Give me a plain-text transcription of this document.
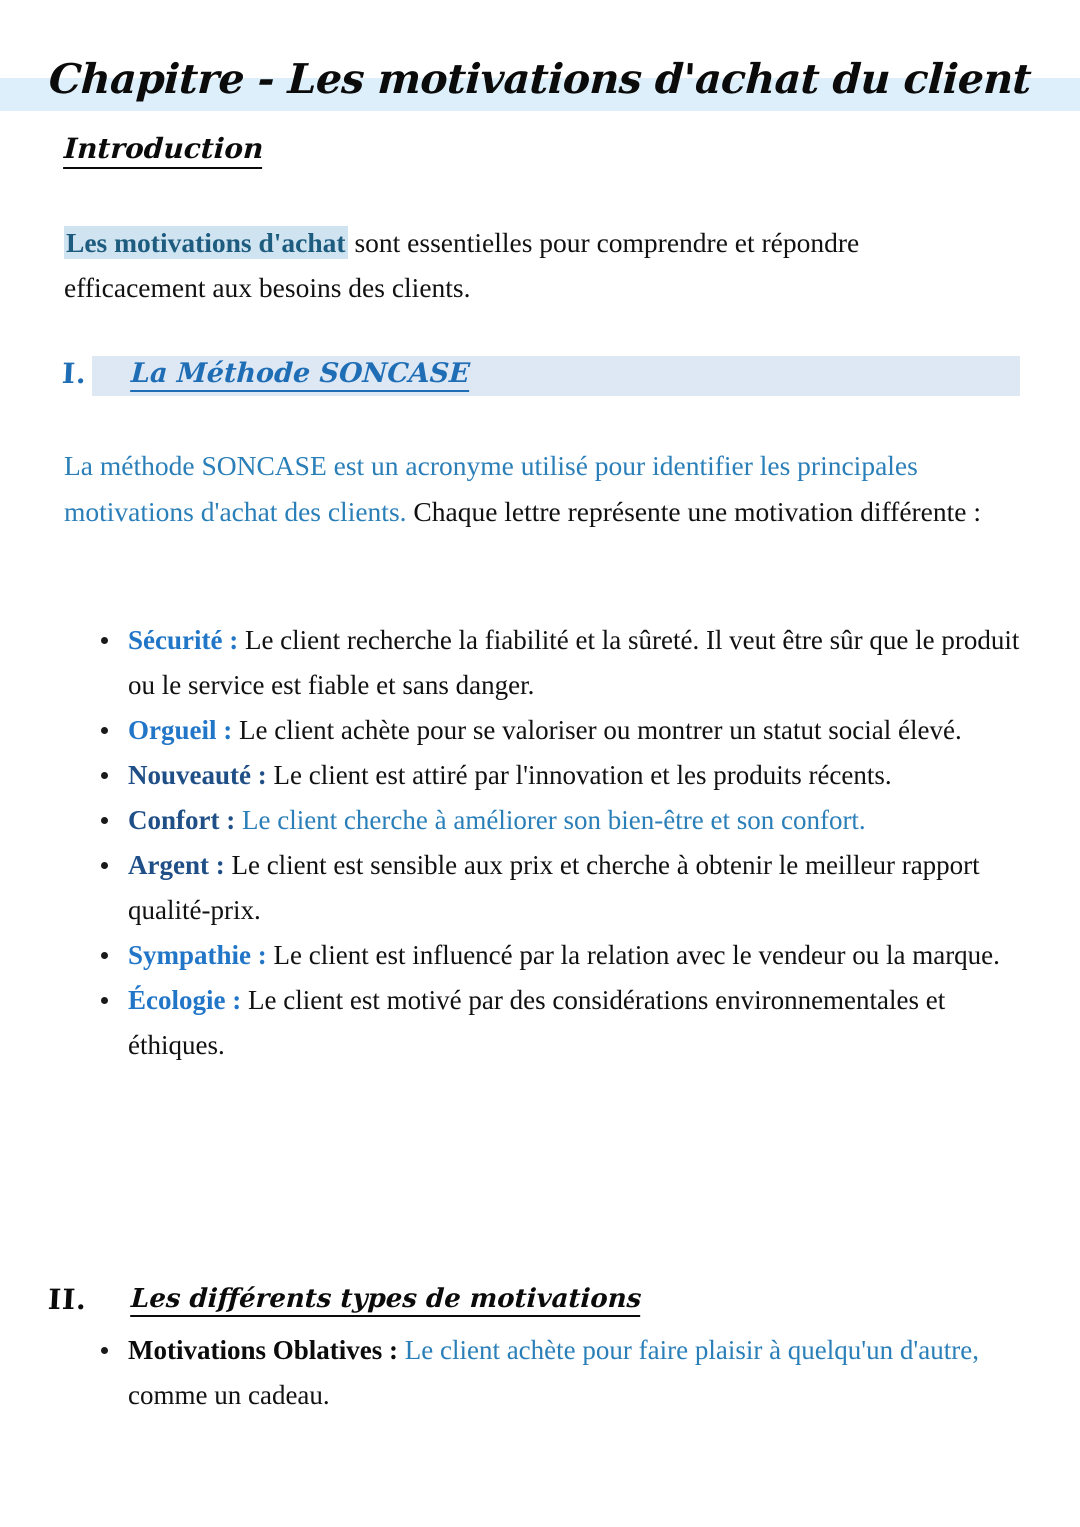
Chapitre - Les motivations d'achat du client
Introduction

Les motivations d'achat sont essentielles pour comprendre et répondre efficacement aux besoins des clients.

I. La Méthode SONCASE

La méthode SONCASE est un acronyme utilisé pour identifier les principales motivations d'achat des clients. Chaque lettre représente une motivation différente :

Sécurité : Le client recherche la fiabilité et la sûreté. Il veut être sûr que le produit ou le service est fiable et sans danger.
Orgueil : Le client achète pour se valoriser ou montrer un statut social élevé.
Nouveauté : Le client est attiré par l'innovation et les produits récents.
Confort : Le client cherche à améliorer son bien-être et son confort.
Argent : Le client est sensible aux prix et cherche à obtenir le meilleur rapport qualité-prix.
Sympathie : Le client est influencé par la relation avec le vendeur ou la marque.
Écologie : Le client est motivé par des considérations environnementales et éthiques.
II. Les différents types de motivations
Motivations Oblatives : Le client achète pour faire plaisir à quelqu'un d'autre, comme un cadeau.
